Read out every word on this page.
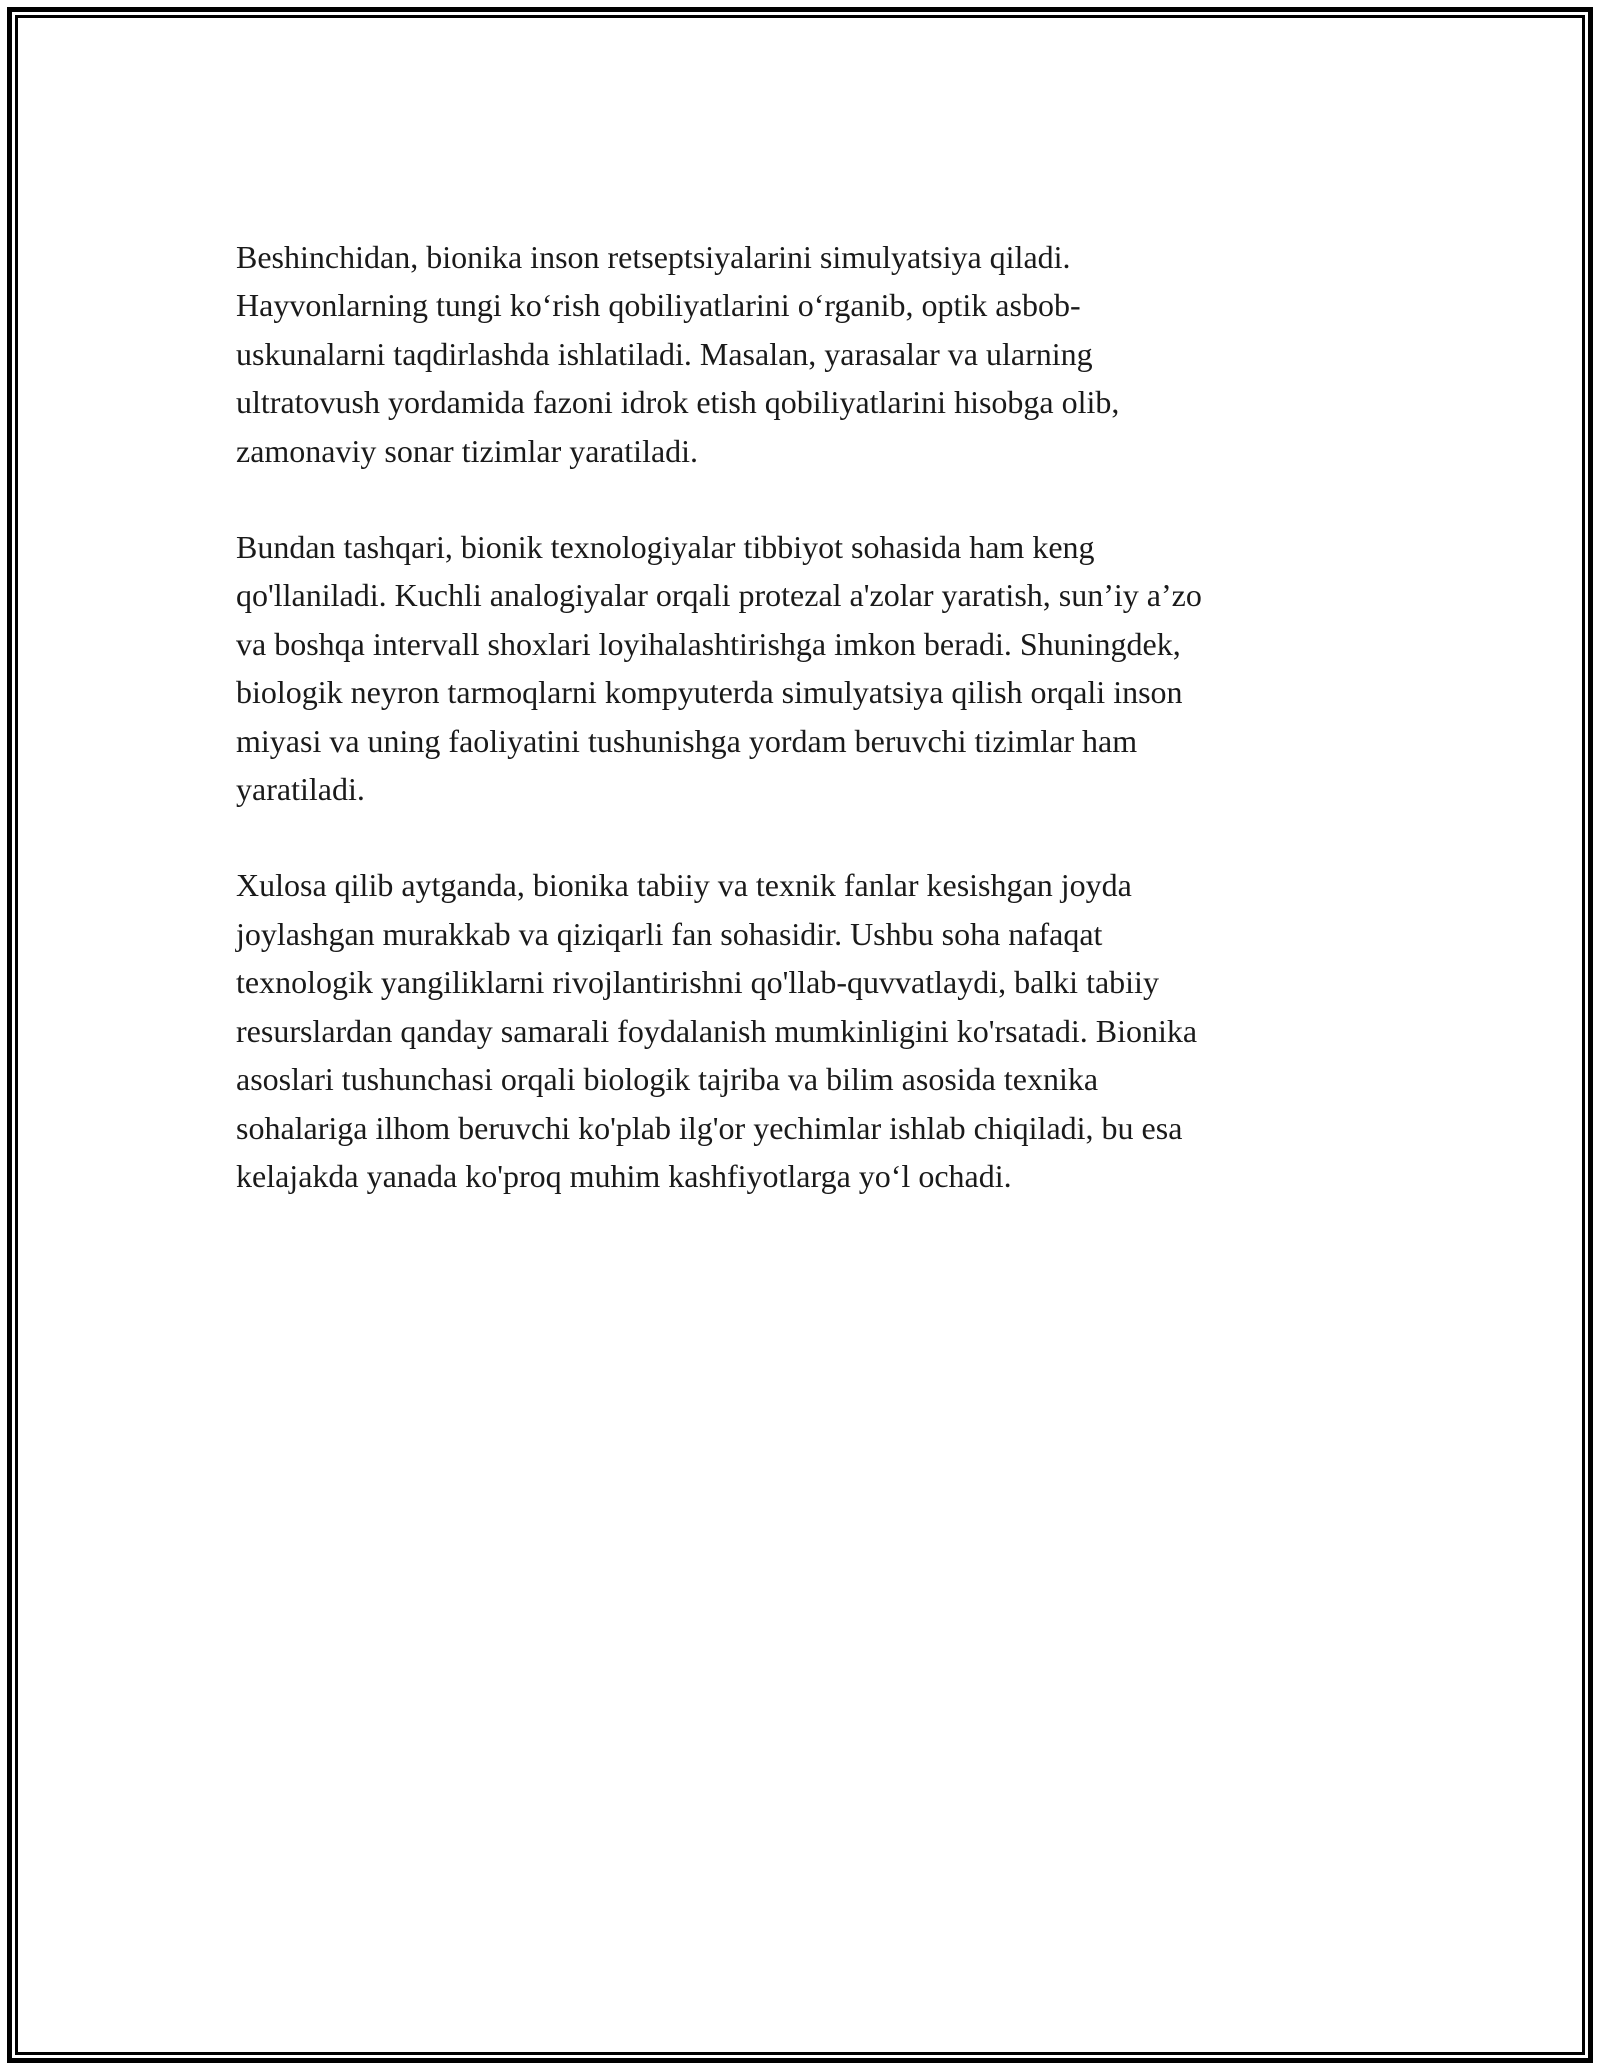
Beshinchidan, bionika inson retseptsiyalarini simulyatsiya qiladi.
Hayvonlarning tungi ko‘rish qobiliyatlarini o‘rganib, optik asbob-
uskunalarni taqdirlashda ishlatiladi. Masalan, yarasalar va ularning
ultratovush yordamida fazoni idrok etish qobiliyatlarini hisobga olib,
zamonaviy sonar tizimlar yaratiladi.

Bundan tashqari, bionik texnologiyalar tibbiyot sohasida ham keng
qo'llaniladi. Kuchli analogiyalar orqali protezal a'zolar yaratish, sun’iy a’zo
va boshqa intervall shoxlari loyihalashtirishga imkon beradi. Shuningdek,
biologik neyron tarmoqlarni kompyuterda simulyatsiya qilish orqali inson
miyasi va uning faoliyatini tushunishga yordam beruvchi tizimlar ham
yaratiladi.

Xulosa qilib aytganda, bionika tabiiy va texnik fanlar kesishgan joyda
joylashgan murakkab va qiziqarli fan sohasidir. Ushbu soha nafaqat
texnologik yangiliklarni rivojlantirishni qo'llab-quvvatlaydi, balki tabiiy
resurslardan qanday samarali foydalanish mumkinligini ko'rsatadi. Bionika
asoslari tushunchasi orqali biologik tajriba va bilim asosida texnika
sohalariga ilhom beruvchi ko'plab ilg'or yechimlar ishlab chiqiladi, bu esa
kelajakda yanada ko'proq muhim kashfiyotlarga yo‘l ochadi.
